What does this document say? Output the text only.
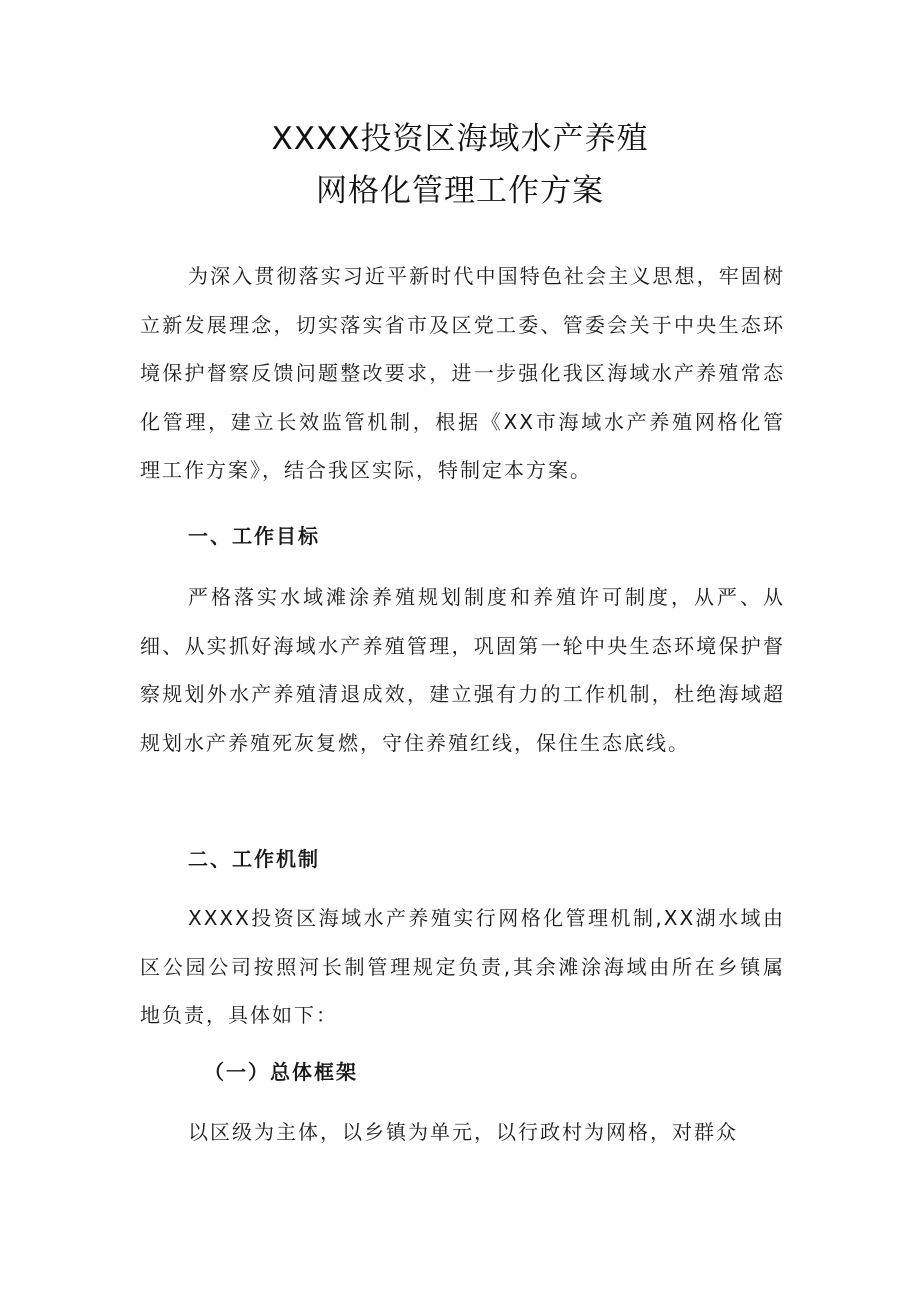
XXXX投资区海域水产养殖
网格化管理工作方案

为深入贯彻落实习近平新时代中国特色社会主义思想，牢固树立新发展理念，切实落实省市及区党工委、管委会关于中央生态环境保护督察反馈问题整改要求，进一步强化我区海域水产养殖常态化管理，建立长效监管机制，根据《XX市海域水产养殖网格化管理工作方案》，结合我区实际，特制定本方案。

一、工作目标

严格落实水域滩涂养殖规划制度和养殖许可制度，从严、从细、从实抓好海域水产养殖管理，巩固第一轮中央生态环境保护督察规划外水产养殖清退成效，建立强有力的工作机制，杜绝海域超规划水产养殖死灰复燃，守住养殖红线，保住生态底线。

二、工作机制

XXXX投资区海域水产养殖实行网格化管理机制,XX湖水域由区公园公司按照河长制管理规定负责,其余滩涂海域由所在乡镇属地负责，具体如下：

（一）总体框架

以区级为主体，以乡镇为单元，以行政村为网格，对群众
